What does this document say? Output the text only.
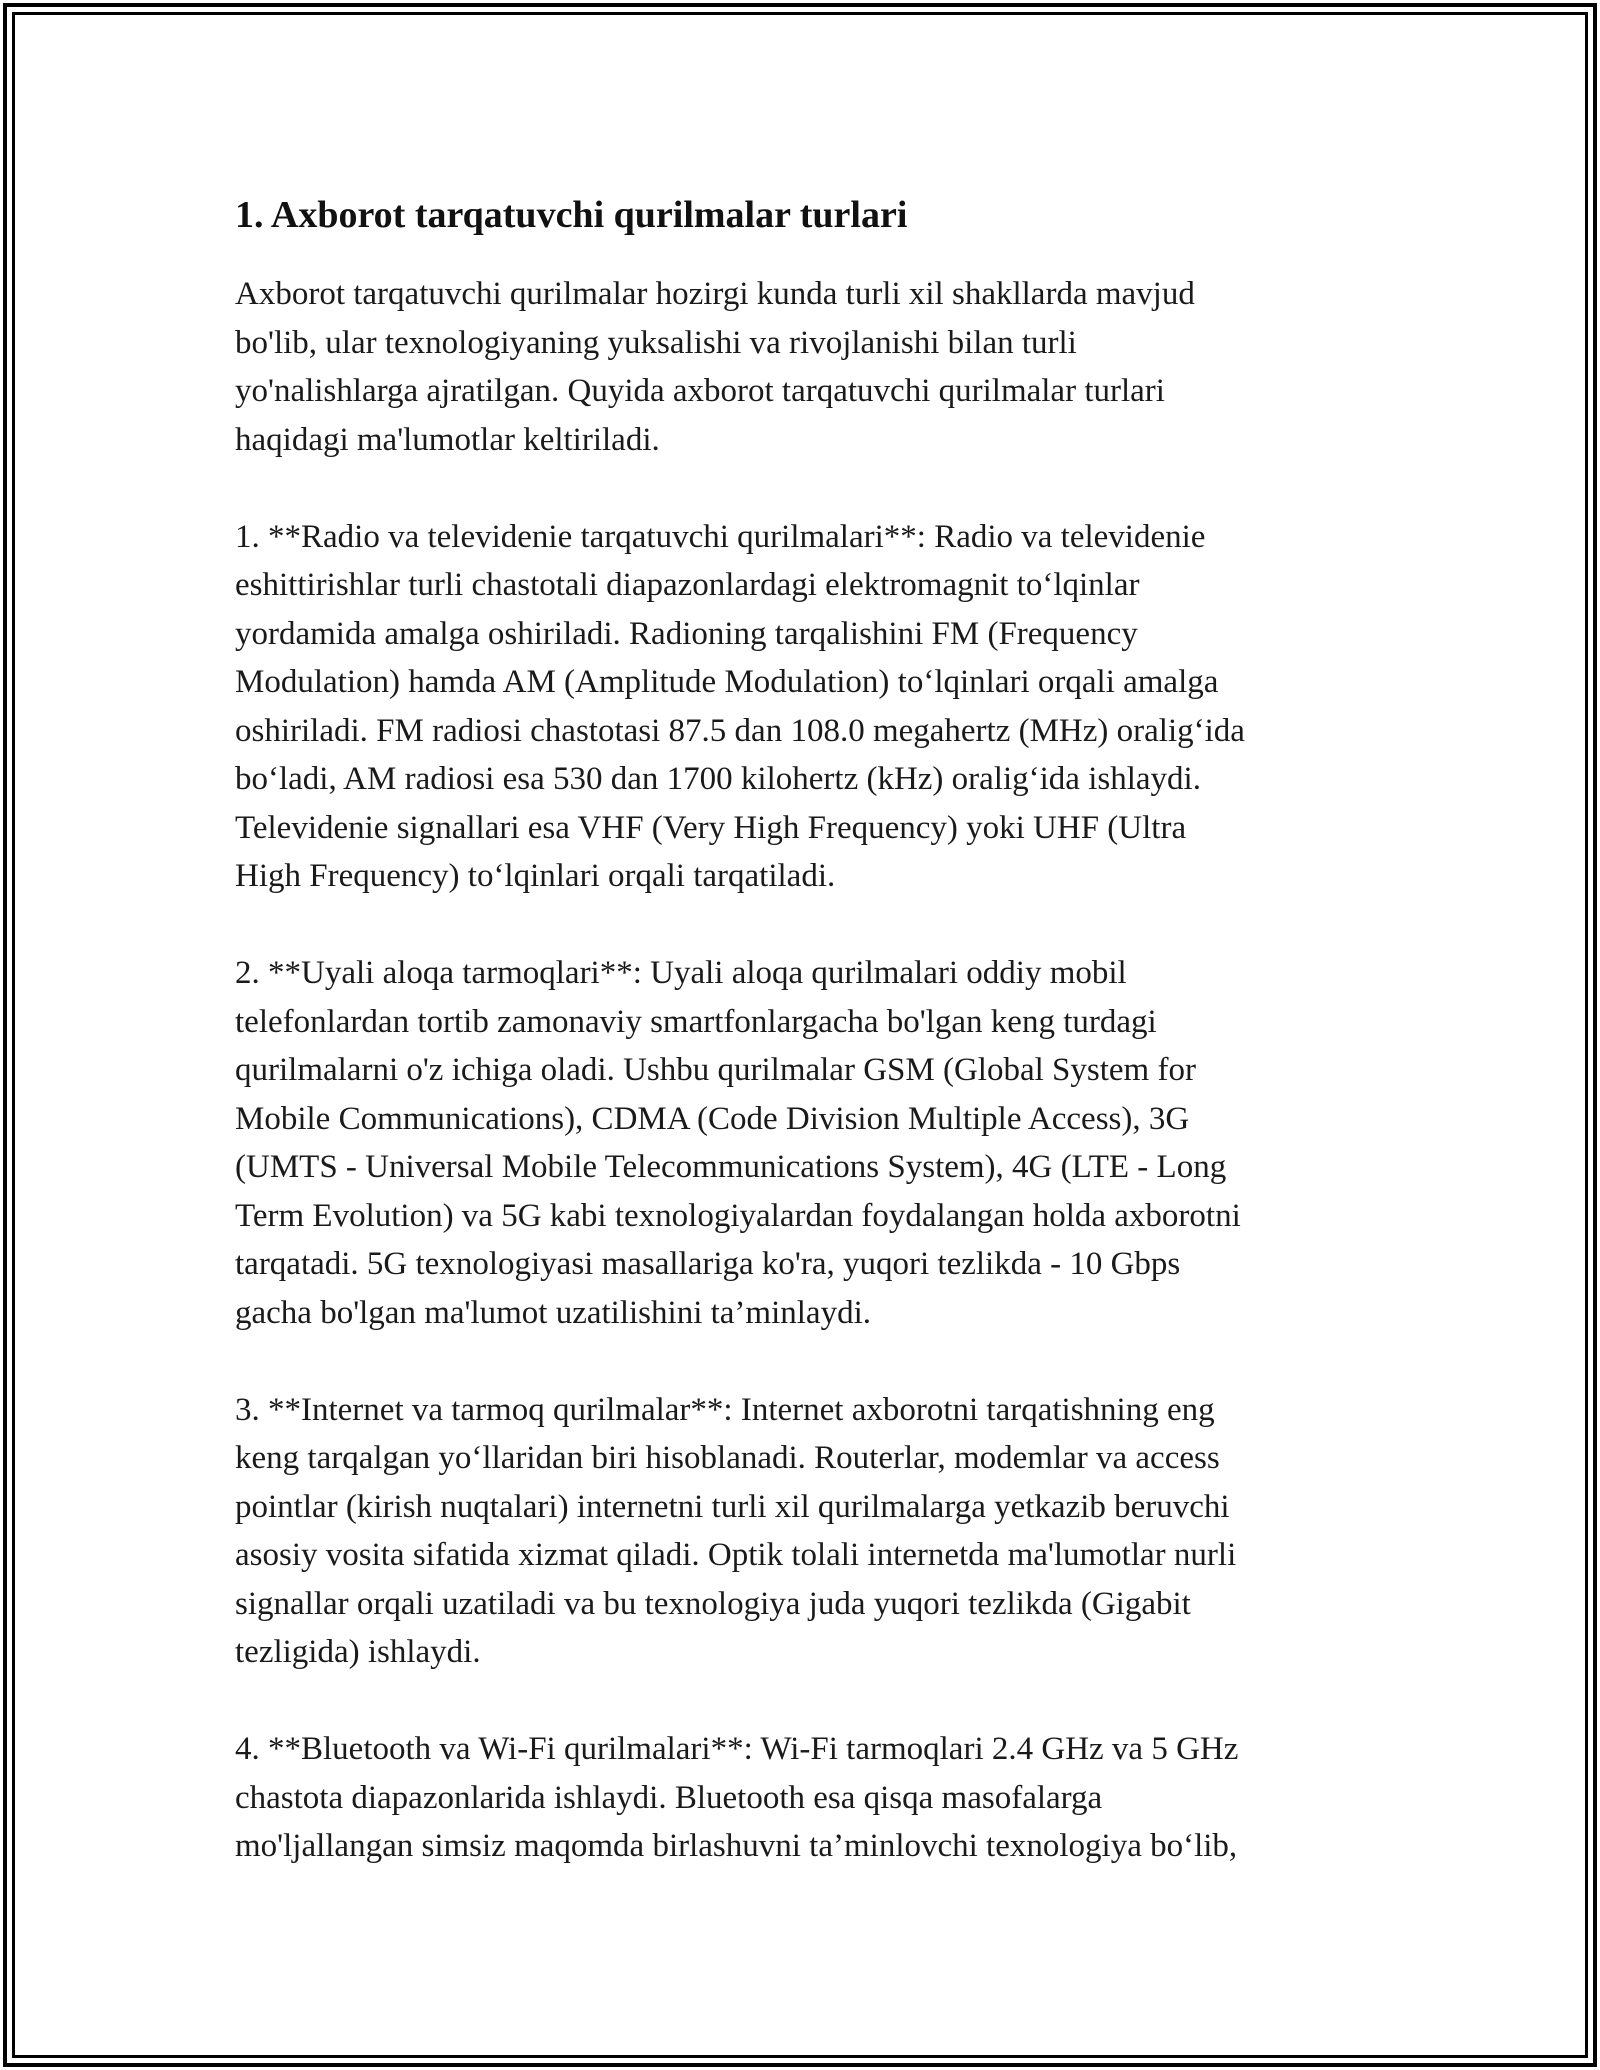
1. Axborot tarqatuvchi qurilmalar turlari

Axborot tarqatuvchi qurilmalar hozirgi kunda turli xil shakllarda mavjud
bo'lib, ular texnologiyaning yuksalishi va rivojlanishi bilan turli
yo'nalishlarga ajratilgan. Quyida axborot tarqatuvchi qurilmalar turlari
haqidagi ma'lumotlar keltiriladi.

1. **Radio va televidenie tarqatuvchi qurilmalari**: Radio va televidenie
eshittirishlar turli chastotali diapazonlardagi elektromagnit to‘lqinlar
yordamida amalga oshiriladi. Radioning tarqalishini FM (Frequency
Modulation) hamda AM (Amplitude Modulation) to‘lqinlari orqali amalga
oshiriladi. FM radiosi chastotasi 87.5 dan 108.0 megahertz (MHz) oralig‘ida
bo‘ladi, AM radiosi esa 530 dan 1700 kilohertz (kHz) oralig‘ida ishlaydi.
Televidenie signallari esa VHF (Very High Frequency) yoki UHF (Ultra
High Frequency) to‘lqinlari orqali tarqatiladi.

2. **Uyali aloqa tarmoqlari**: Uyali aloqa qurilmalari oddiy mobil
telefonlardan tortib zamonaviy smartfonlargacha bo'lgan keng turdagi
qurilmalarni o'z ichiga oladi. Ushbu qurilmalar GSM (Global System for
Mobile Communications), CDMA (Code Division Multiple Access), 3G
(UMTS - Universal Mobile Telecommunications System), 4G (LTE - Long
Term Evolution) va 5G kabi texnologiyalardan foydalangan holda axborotni
tarqatadi. 5G texnologiyasi masallariga ko'ra, yuqori tezlikda - 10 Gbps
gacha bo'lgan ma'lumot uzatilishini ta’minlaydi.

3. **Internet va tarmoq qurilmalar**: Internet axborotni tarqatishning eng
keng tarqalgan yo‘llaridan biri hisoblanadi. Routerlar, modemlar va access
pointlar (kirish nuqtalari) internetni turli xil qurilmalarga yetkazib beruvchi
asosiy vosita sifatida xizmat qiladi. Optik tolali internetda ma'lumotlar nurli
signallar orqali uzatiladi va bu texnologiya juda yuqori tezlikda (Gigabit
tezligida) ishlaydi.

4. **Bluetooth va Wi-Fi qurilmalari**: Wi-Fi tarmoqlari 2.4 GHz va 5 GHz
chastota diapazonlarida ishlaydi. Bluetooth esa qisqa masofalarga
mo'ljallangan simsiz maqomda birlashuvni ta’minlovchi texnologiya bo‘lib,
